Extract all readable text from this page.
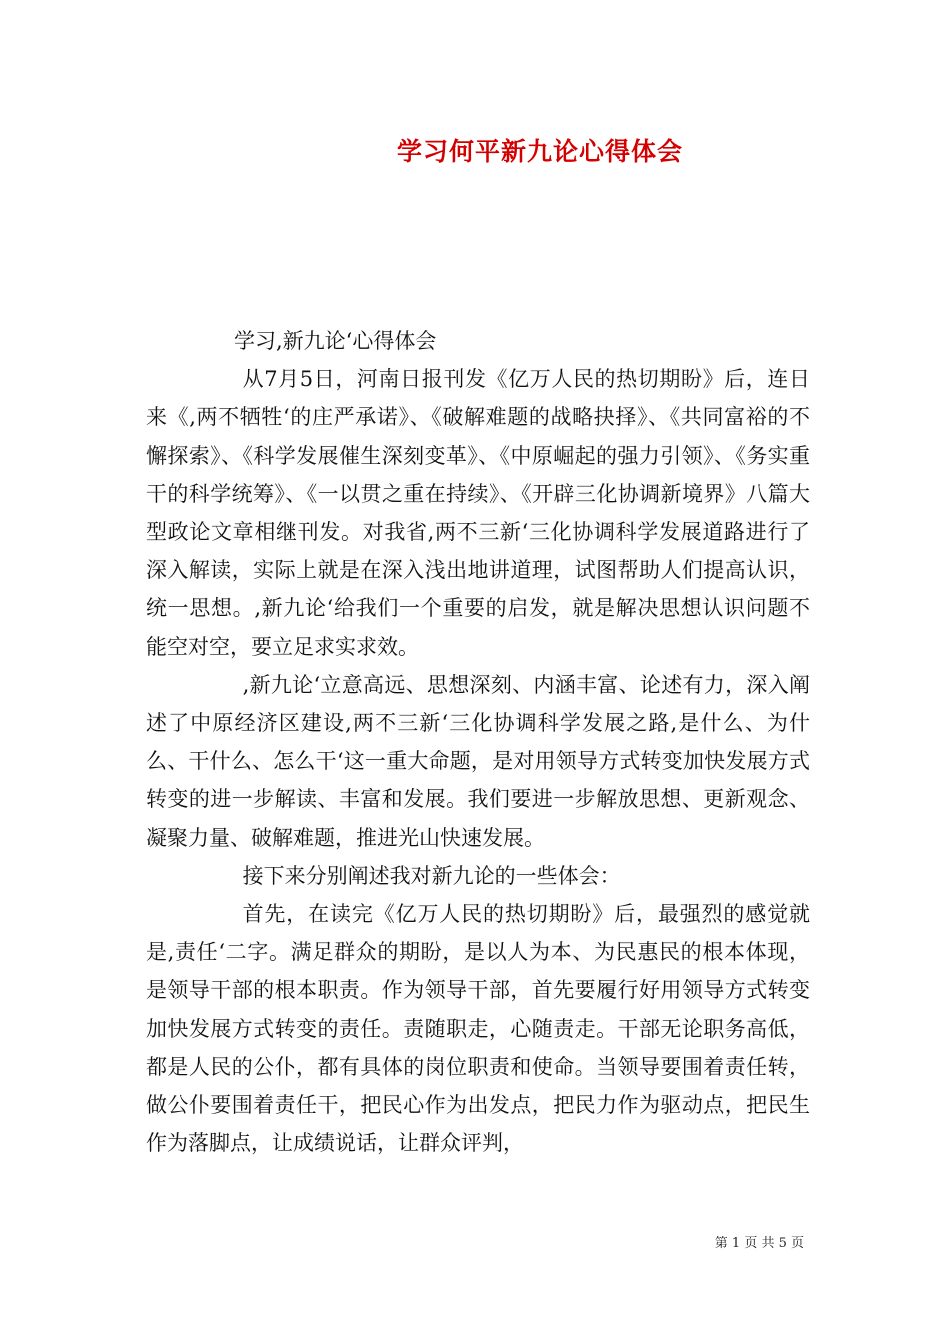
学习何平新九论心得体会

学习,新九论‘心得体会

从7月5日，河南日报刊发《亿万人民的热切期盼》后，连日来《,两不牺牲‘的庄严承诺》、《破解难题的战略抉择》、《共同富裕的不懈探索》、《科学发展催生深刻变革》、《中原崛起的强力引领》、《务实重干的科学统筹》、《一以贯之重在持续》、《开辟三化协调新境界》八篇大型政论文章相继刊发。对我省,两不三新‘三化协调科学发展道路进行了深入解读，实际上就是在深入浅出地讲道理，试图帮助人们提高认识，统一思想。,新九论‘给我们一个重要的启发，就是解决思想认识问题不能空对空，要立足求实求效。

,新九论‘立意高远、思想深刻、内涵丰富、论述有力，深入阐述了中原经济区建设,两不三新‘三化协调科学发展之路,是什么、为什么、干什么、怎么干‘这一重大命题，是对用领导方式转变加快发展方式转变的进一步解读、丰富和发展。我们要进一步解放思想、更新观念、凝聚力量、破解难题，推进光山快速发展。

接下来分别阐述我对新九论的一些体会：

首先，在读完《亿万人民的热切期盼》后，最强烈的感觉就是,责任‘二字。满足群众的期盼，是以人为本、为民惠民的根本体现，是领导干部的根本职责。作为领导干部，首先要履行好用领导方式转变加快发展方式转变的责任。责随职走，心随责走。干部无论职务高低，都是人民的公仆，都有具体的岗位职责和使命。当领导要围着责任转，做公仆要围着责任干，把民心作为出发点，把民力作为驱动点，把民生作为落脚点，让成绩说话，让群众评判，

第 1 页 共 5 页
